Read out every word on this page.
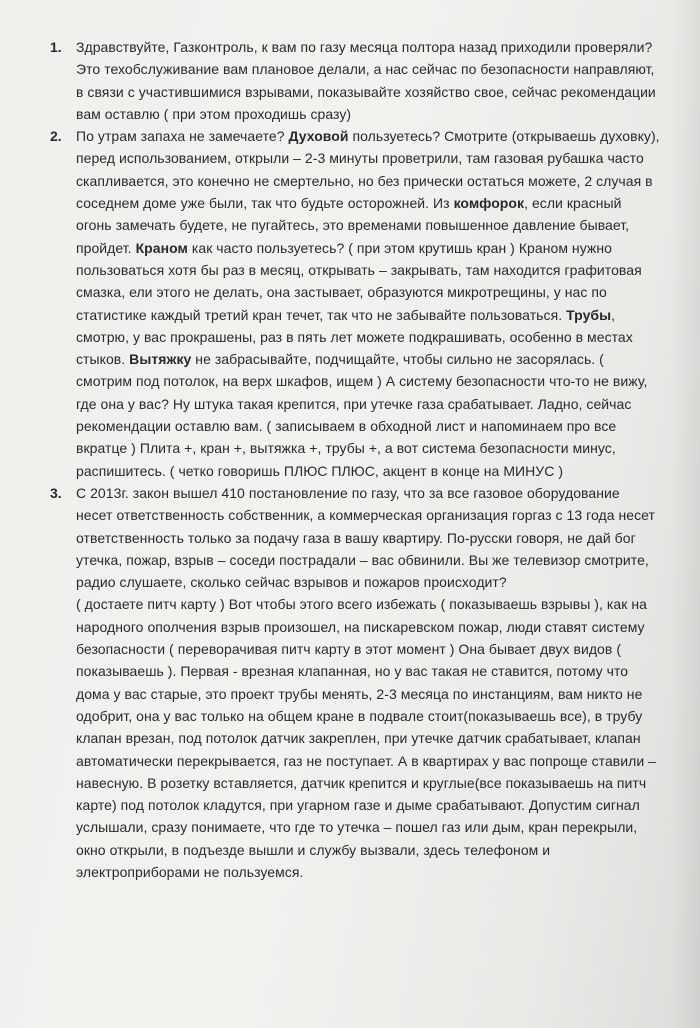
1. Здравствуйте, Газконтроль, к вам по газу месяца полтора назад приходили проверяли? Это техобслуживание вам плановое делали, а нас сейчас по безопасности направляют, в связи с участившимися взрывами, показывайте хозяйство свое, сейчас рекомендации вам оставлю ( при этом проходишь сразу)

2. По утрам запаха не замечаете? Духовой пользуетесь? Смотрите (открываешь духовку), перед использованием, открыли – 2-3 минуты проветрили, там газовая рубашка часто скапливается, это конечно не смертельно, но без прически остаться можете, 2 случая в соседнем доме уже были, так что будьте осторожней. Из комфорок, если красный огонь замечать будете, не пугайтесь, это временами повышенное давление бывает, пройдет. Краном как часто пользуетесь? ( при этом крутишь кран ) Краном нужно пользоваться хотя бы раз в месяц, открывать – закрывать, там находится графитовая смазка, ели этого не делать, она застывает, образуются микротрещины, у нас по статистике каждый третий кран течет, так что не забывайте пользоваться. Трубы, смотрю, у вас прокрашены, раз в пять лет можете подкрашивать, особенно в местах стыков. Вытяжку не забрасывайте, подчищайте, чтобы сильно не засорялась. ( смотрим под потолок, на верх шкафов, ищем ) А систему безопасности что-то не вижу, где она у вас? Ну штука такая крепится, при утечке газа срабатывает. Ладно, сейчас рекомендации оставлю вам. ( записываем в обходной лист и напоминаем про все вкратце ) Плита +, кран +, вытяжка +, трубы +, а вот система безопасности минус, распишитесь. ( четко говоришь ПЛЮС ПЛЮС, акцент в конце на МИНУС )

3. С 2013г. закон вышел 410 постановление по газу, что за все газовое оборудование несет ответственность собственник, а коммерческая организация горгаз с 13 года несет ответственность только за подачу газа в вашу квартиру. По-русски говоря, не дай бог утечка, пожар, взрыв – соседи пострадали – вас обвинили. Вы же телевизор смотрите, радио слушаете, сколько сейчас взрывов и пожаров происходит?
( достаете питч карту ) Вот чтобы этого всего избежать ( показываешь взрывы ), как на народного ополчения взрыв произошел, на пискаревском пожар, люди ставят систему безопасности ( переворачивая питч карту в этот момент ) Она бывает двух видов ( показываешь ). Первая - врезная клапанная, но у вас такая не ставится, потому что дома у вас старые, это проект трубы менять, 2-3 месяца по инстанциям, вам никто не одобрит, она у вас только на общем кране в подвале стоит(показываешь все), в трубу клапан врезан, под потолок датчик закреплен, при утечке датчик срабатывает, клапан автоматически перекрывается, газ не поступает. А в квартирах у вас попроще ставили – навесную. В розетку вставляется, датчик крепится и круглые(все показываешь на питч карте) под потолок кладутся, при угарном газе и дыме срабатывают. Допустим сигнал услышали, сразу понимаете, что где то утечка – пошел газ или дым, кран перекрыли, окно открыли, в подъезде вышли и службу вызвали, здесь телефоном и электроприборами не пользуемся.
